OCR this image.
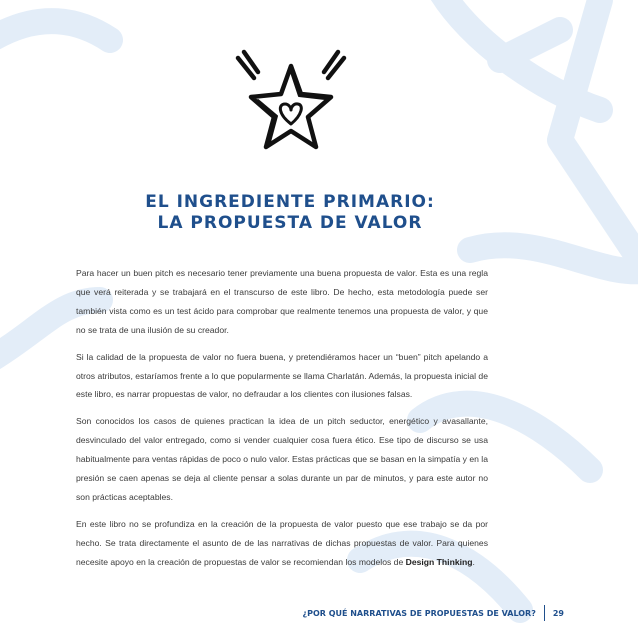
EL INGREDIENTE PRIMARIO:
LA PROPUESTA DE VALOR

Para hacer un buen pitch es necesario tener previamente una buena propuesta de valor. Esta es una regla que verá reiterada y se trabajará en el transcurso de este libro. De hecho, esta metodología puede ser también vista como es un test ácido para comprobar que realmente tenemos una propuesta de valor, y que no se trata de una ilusión de su creador.

Si la calidad de la propuesta de valor no fuera buena, y pretendiéramos hacer un “buen” pitch apelando a otros atributos, estaríamos frente a lo que popularmente se llama Charlatán. Además, la propuesta inicial de este libro, es narrar propuestas de valor, no defraudar a los clientes con ilusiones falsas.

Son conocidos los casos de quienes practican la idea de un pitch seductor, energético y avasallante, desvinculado del valor entregado, como si vender cualquier cosa fuera ético. Ese tipo de discurso se usa habitualmente para ventas rápidas de poco o nulo valor. Estas prácticas que se basan en la simpatía y en la presión se caen apenas se deja al cliente pensar a solas durante un par de minutos, y para este autor no son prácticas aceptables.

En este libro no se profundiza en la creación de la propuesta de valor puesto que ese trabajo se da por hecho. Se trata directamente el asunto de de las narrativas de dichas propuestas de valor. Para quienes necesite apoyo en la creación de propuestas de valor se recomiendan los modelos de Design Thinking.

¿POR QUÉ NARRATIVAS DE PROPUESTAS DE VALOR? 29
